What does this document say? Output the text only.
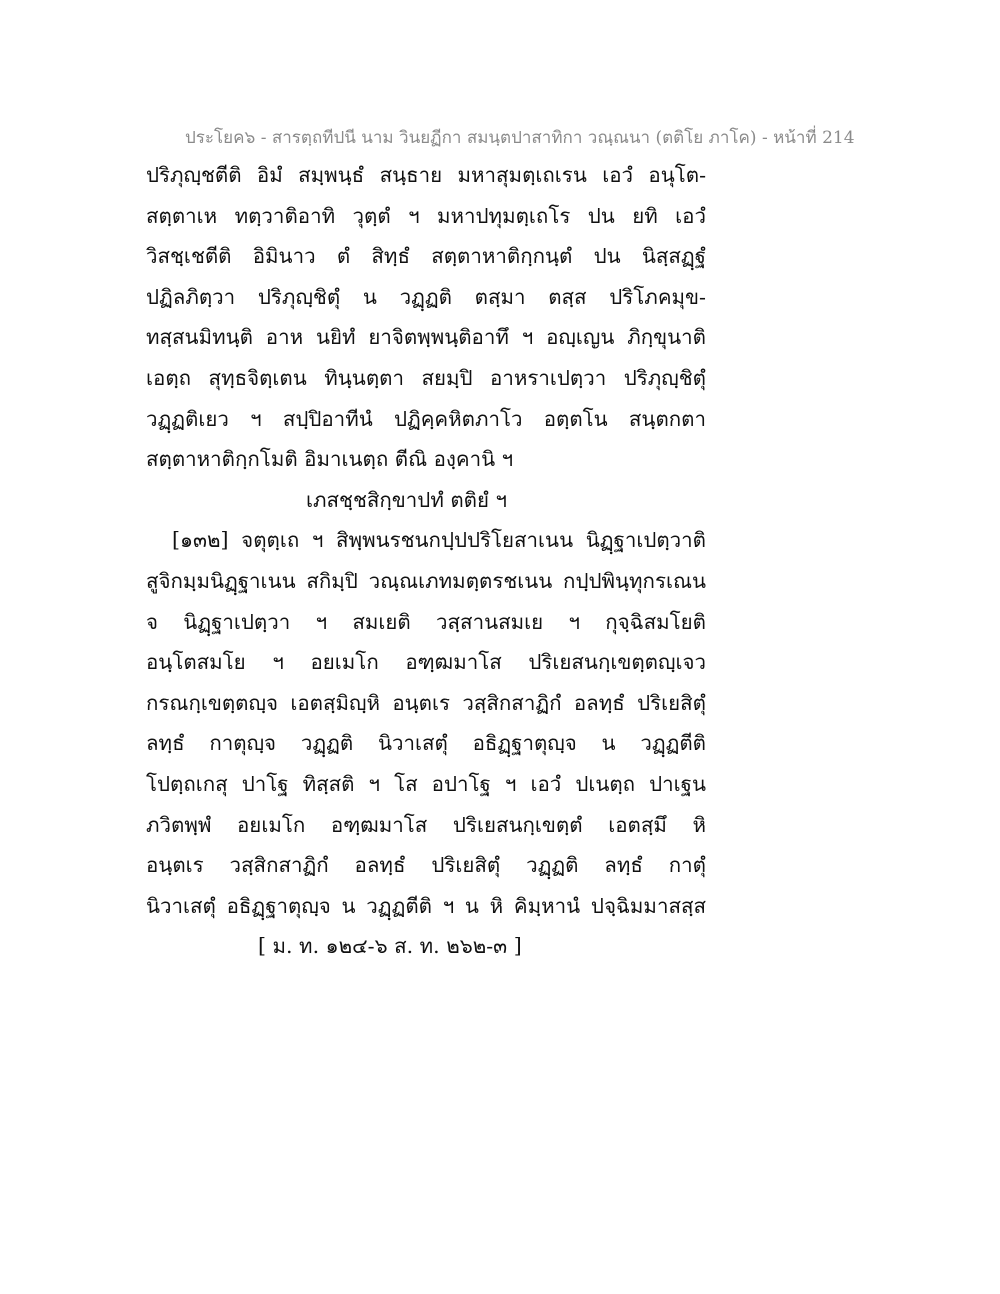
ประโยค๖ - สารตฺถทีปนี นาม วินยฏีกา สมนฺตปาสาทิกา วณฺณนา (ตติโย ภาโค) - หน้าที่ 214
ปริภุญฺชตีติ อิมํ สมฺพนฺธํ สนฺธาย มหาสุมตฺเถเรน เอวํ อนุโต-
สตฺตาเห ทตฺวาติอาทิ วุตฺตํ ฯ มหาปทุมตฺเถโร ปน ยทิ เอวํ
วิสชฺเชตีติ อิมินาว ตํ สิทฺธํ สตฺตาหาติกฺกนฺตํ ปน นิสฺสฏฺฐํ
ปฏิลภิตฺวา ปริภุญฺชิตุํ น วฏฺฏติ ตสฺมา ตสฺส ปริโภคมุข-
ทสฺสนมิทนฺติ อาห นยิทํ ยาจิตพฺพนฺติอาทึ ฯ อญฺเญน ภิกฺขุนาติ
เอตฺถ สุทฺธจิตฺเตน ทินฺนตฺตา สยมฺปิ อาหราเปตฺวา ปริภุญฺชิตุํ
วฏฺฏติเยว ฯ สปฺปิอาทีนํ ปฏิคฺคหิตภาโว อตฺตโน สนฺตกตา
สตฺตาหาติกฺกโมติ อิมาเนตฺถ ตีณิ องฺคานิ ฯ
เภสชฺชสิกฺขาปทํ ตติยํ ฯ
[๑๓๒] จตุตฺเถ ฯ สิพฺพนรชนกปฺปปริโยสาเนน นิฏฺฐาเปตฺวาติ
สูจิกมฺมนิฏฺฐาเนน สกิมฺปิ วณฺณเภทมตฺตรชเนน กปฺปพินฺทุกรเณน
จ นิฏฺฐาเปตฺวา ฯ สมเยติ วสฺสานสมเย ฯ กุจฺฉิสมโยติ
อนฺโตสมโย ฯ อยเมโก อฑฺฒมาโส ปริเยสนกฺเขตฺตญฺเจว
กรณกฺเขตฺตญฺจ เอตสฺมิญฺหิ อนฺตเร วสฺสิกสาฏิกํ อลทฺธํ ปริเยสิตุํ
ลทฺธํ กาตุญฺจ วฏฺฏติ นิวาเสตุํ อธิฏฺฐาตุญฺจ น วฏฺฏตีติ
โปตฺถเกสุ ปาโฐ ทิสฺสติ ฯ โส อปาโฐ ฯ เอวํ ปเนตฺถ ปาเฐน
ภวิตพฺพํ อยเมโก อฑฺฒมาโส ปริเยสนกฺเขตฺตํ เอตสฺมึ หิ
อนฺตเร วสฺสิกสาฏิกํ อลทฺธํ ปริเยสิตุํ วฏฺฏติ ลทฺธํ กาตุํ
นิวาเสตุํ อธิฏฺฐาตุญฺจ น วฏฺฏตีติ ฯ น หิ คิมฺหานํ ปจฺฉิมมาสสฺส
[ ม. ท. ๑๒๔-๖ ส. ท. ๒๖๒-๓ ]
